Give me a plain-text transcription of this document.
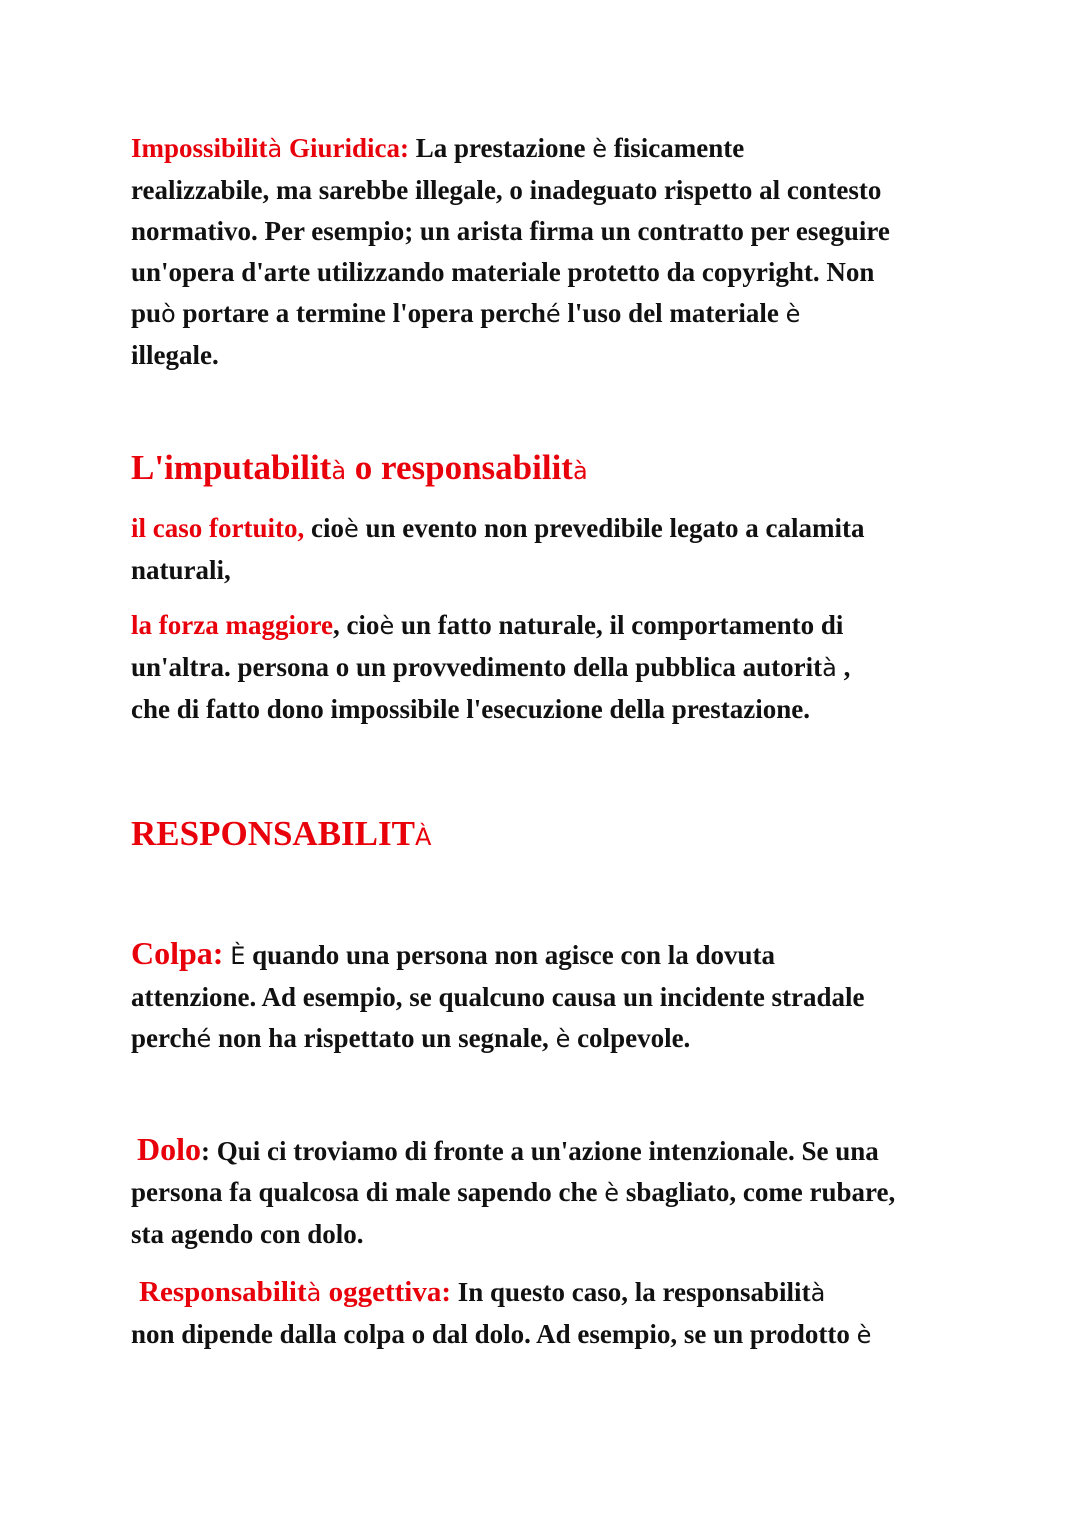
Impossibilità Giuridica: La prestazione è fisicamente
realizzabile, ma sarebbe illegale, o inadeguato rispetto al contesto
normativo. Per esempio; un arista firma un contratto per eseguire
un'opera d'arte utilizzando materiale protetto da copyright. Non
può portare a termine l'opera perché l'uso del materiale è
illegale.

L'imputabilità o responsabilità

il caso fortuito, cioè un evento non prevedibile legato a calamita
naturali,

la forza maggiore, cioè un fatto naturale, il comportamento di
un'altra. persona o un provvedimento della pubblica autorità ,
che di fatto dono impossibile l'esecuzione della prestazione.

RESPONSABILITÀ

Colpa: È quando una persona non agisce con la dovuta
attenzione. Ad esempio, se qualcuno causa un incidente stradale
perché non ha rispettato un segnale, è colpevole.

Dolo: Qui ci troviamo di fronte a un'azione intenzionale. Se una
persona fa qualcosa di male sapendo che è sbagliato, come rubare,
sta agendo con dolo.

Responsabilità oggettiva: In questo caso, la responsabilità
non dipende dalla colpa o dal dolo. Ad esempio, se un prodotto è
